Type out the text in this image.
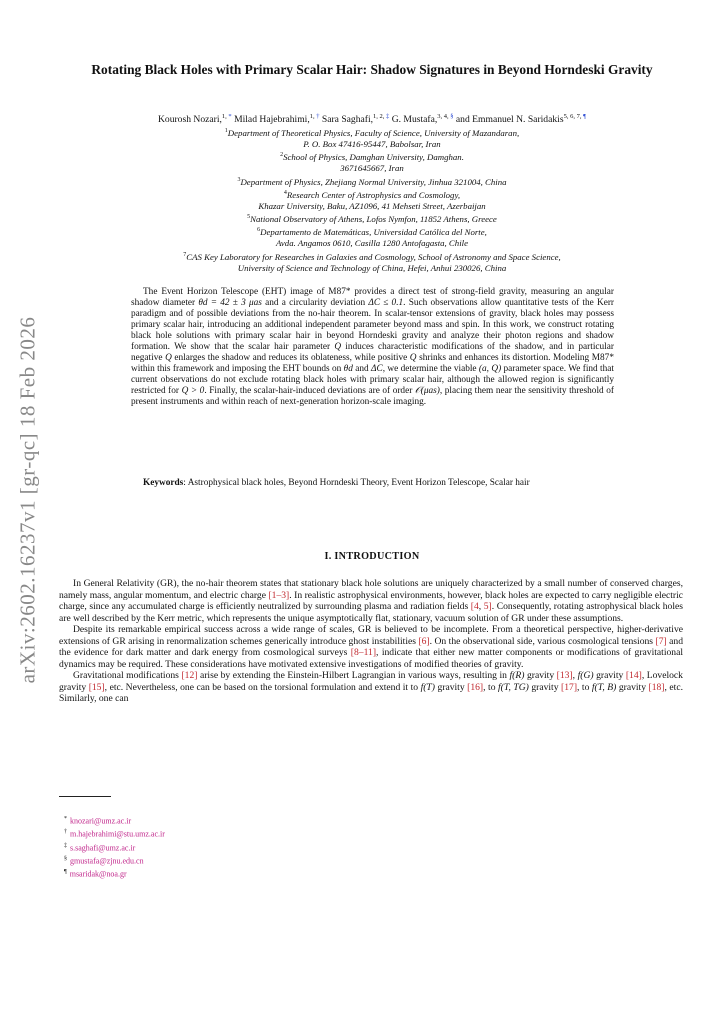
arXiv:2602.16237v1 [gr-qc] 18 Feb 2026
Rotating Black Holes with Primary Scalar Hair: Shadow Signatures in Beyond Horndeski Gravity
Kourosh Nozari,$^{1,}$ * Milad Hajebrahimi,$^{1,}$ † Sara Saghafi,$^{1, 2,}$ ‡ G. Mustafa,$^{3, 4,}$ § and Emmanuel N. Saridakis$^{5, 6, 7,}$ ¶
$^1$Department of Theoretical Physics, Faculty of Science, University of Mazandaran,
P. O. Box 47416-95447, Babolsar, Iran
$^2$School of Physics, Damghan University, Damghan.
3671645667, Iran
$^3$Department of Physics, Zhejiang Normal University, Jinhua 321004, China
$^4$Research Center of Astrophysics and Cosmology,
Khazar University, Baku, AZ1096, 41 Mehseti Street, Azerbaijan
$^5$National Observatory of Athens, Lofos Nymfon, 11852 Athens, Greece
$^6$Departamento de Matemáticas, Universidad Católica del Norte,
Avda. Angamos 0610, Casilla 1280 Antofagasta, Chile
$^7$CAS Key Laboratory for Researches in Galaxies and Cosmology, School of Astronomy and Space Science,
University of Science and Technology of China, Hefei, Anhui 230026, China
The Event Horizon Telescope (EHT) image of M87* provides a direct test of strong-field gravity, measuring an angular shadow diameter θd = 42 ± 3 μas and a circularity deviation ΔC ≤ 0.1. Such observations allow quantitative tests of the Kerr paradigm and of possible deviations from the no-hair theorem. In scalar-tensor extensions of gravity, black holes may possess primary scalar hair, introducing an additional independent parameter beyond mass and spin. In this work, we construct rotating black hole solutions with primary scalar hair in beyond Horndeski gravity and analyze their photon regions and shadow formation. We show that the scalar hair parameter Q induces characteristic modifications of the shadow, and in particular negative Q enlarges the shadow and reduces its oblateness, while positive Q shrinks and enhances its distortion. Modeling M87* within this framework and imposing the EHT bounds on θd and ΔC, we determine the viable (a, Q) parameter space. We find that current observations do not exclude rotating black holes with primary scalar hair, although the allowed region is significantly restricted for Q > 0. Finally, the scalar-hair-induced deviations are of order 𝒪(μas), placing them near the sensitivity threshold of present instruments and within reach of next-generation horizon-scale imaging.
Keywords: Astrophysical black holes, Beyond Horndeski Theory, Event Horizon Telescope, Scalar hair
I. INTRODUCTION

In General Relativity (GR), the no-hair theorem states that stationary black hole solutions are uniquely characterized by a small number of conserved charges, namely mass, angular momentum, and electric charge [1–3]. In realistic astrophysical environments, however, black holes are expected to carry negligible electric charge, since any accumulated charge is efficiently neutralized by surrounding plasma and radiation fields [4, 5]. Consequently, rotating astrophysical black holes are well described by the Kerr metric, which represents the unique asymptotically flat, stationary, vacuum solution of GR under these assumptions.

Despite its remarkable empirical success across a wide range of scales, GR is believed to be incomplete. From a theoretical perspective, higher-derivative extensions of GR arising in renormalization schemes generically introduce ghost instabilities [6]. On the observational side, various cosmological tensions [7] and the evidence for dark matter and dark energy from cosmological surveys [8–11], indicate that either new matter components or modifications of gravitational dynamics may be required. These considerations have motivated extensive investigations of modified theories of gravity.

Gravitational modifications [12] arise by extending the Einstein-Hilbert Lagrangian in various ways, resulting in f(R) gravity [13], f(G) gravity [14], Lovelock gravity [15], etc. Nevertheless, one can be based on the torsional formulation and extend it to f(T) gravity [16], to f(T, TG) gravity [17], to f(T, B) gravity [18], etc. Similarly, one can

* knozari@umz.ac.ir
† m.hajebrahimi@stu.umz.ac.ir
‡ s.saghafi@umz.ac.ir
§ gmustafa@zjnu.edu.cn
¶ msaridak@noa.gr
